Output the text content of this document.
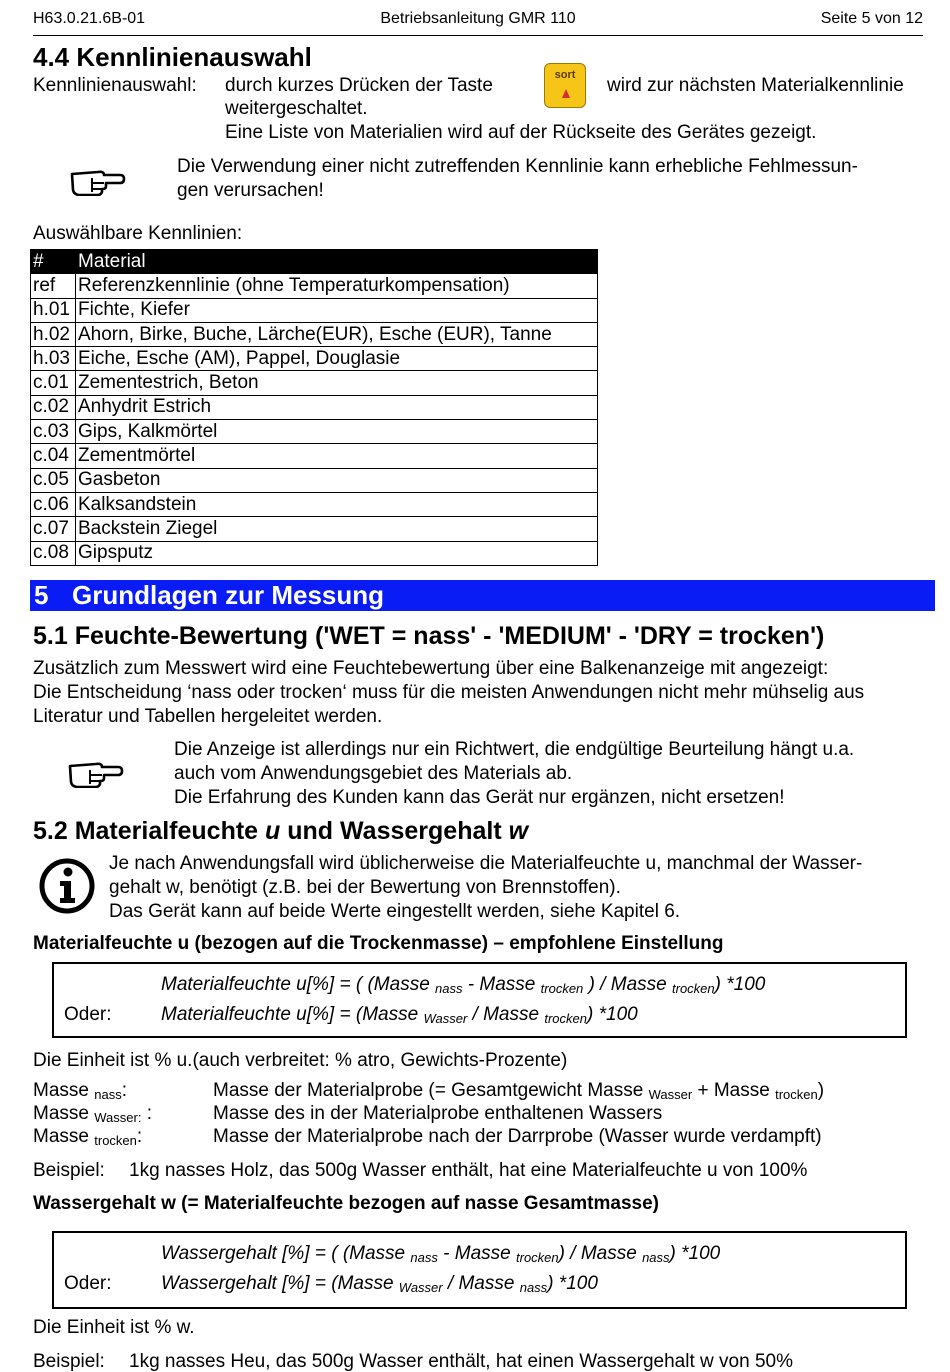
H63.0.21.6B-01	Betriebsanleitung GMR 110	Seite 5 von 12
4.4 Kennlinienauswahl
Kennlinienauswahl: durch kurzes Drücken der Taste	sort	wird zur nächsten Materialkennlinie
weitergeschaltet.
Eine Liste von Materialien wird auf der Rückseite des Gerätes gezeigt.
Die Verwendung einer nicht zutreffenden Kennlinie kann erhebliche Fehlmessun-
gen verursachen!
Auswählbare Kennlinien:
#	Material
ref	Referenzkennlinie (ohne Temperaturkompensation)
h.01	Fichte, Kiefer
h.02	Ahorn, Birke, Buche, Lärche(EUR), Esche (EUR), Tanne
h.03	Eiche, Esche (AM), Pappel, Douglasie
c.01	Zementestrich, Beton
c.02	Anhydrit Estrich
c.03	Gips, Kalkmörtel
c.04	Zementmörtel
c.05	Gasbeton
c.06	Kalksandstein
c.07	Backstein Ziegel
c.08	Gipsputz
5 Grundlagen zur Messung
5.1 Feuchte-Bewertung ('WET = nass' - 'MEDIUM' - 'DRY = trocken')
Zusätzlich zum Messwert wird eine Feuchtebewertung über eine Balkenanzeige mit angezeigt:
Die Entscheidung ‘nass oder trocken‘ muss für die meisten Anwendungen nicht mehr mühselig aus
Literatur und Tabellen hergeleitet werden.
Die Anzeige ist allerdings nur ein Richtwert, die endgültige Beurteilung hängt u.a.
auch vom Anwendungsgebiet des Materials ab.
Die Erfahrung des Kunden kann das Gerät nur ergänzen, nicht ersetzen!
5.2 Materialfeuchte u und Wassergehalt w
Je nach Anwendungsfall wird üblicherweise die Materialfeuchte u, manchmal der Wasser-
gehalt w, benötigt (z.B. bei der Bewertung von Brennstoffen).
Das Gerät kann auf beide Werte eingestellt werden, siehe Kapitel 6.
Materialfeuchte u (bezogen auf die Trockenmasse) – empfohlene Einstellung
Materialfeuchte u[%] = ( (Masse $_{nass}$ - Masse $_{trocken}$ ) / Masse $_{trocken}$) *100
Oder:	Materialfeuchte u[%] = (Masse $_{Wasser}$ / Masse $_{trocken}$) *100
Die Einheit ist % u.(auch verbreitet: % atro, Gewichts-Prozente)
Masse $_{nass}$:	Masse der Materialprobe (= Gesamtgewicht Masse $_{Wasser}$ + Masse $_{trocken}$)
Masse $_{Wasser:}$ :	Masse des in der Materialprobe enthaltenen Wassers
Masse $_{trocken}$:	Masse der Materialprobe nach der Darrprobe (Wasser wurde verdampft)
Beispiel: 1kg nasses Holz, das 500g Wasser enthält, hat eine Materialfeuchte u von 100%
Wassergehalt w (= Materialfeuchte bezogen auf nasse Gesamtmasse)
Wassergehalt [%] = ( (Masse $_{nass}$ - Masse $_{trocken}$) / Masse $_{nass}$) *100
Oder:	Wassergehalt [%] = (Masse $_{Wasser}$ / Masse $_{nass}$) *100
Die Einheit ist % w.
Beispiel: 1kg nasses Heu, das 500g Wasser enthält, hat einen Wassergehalt w von 50%
